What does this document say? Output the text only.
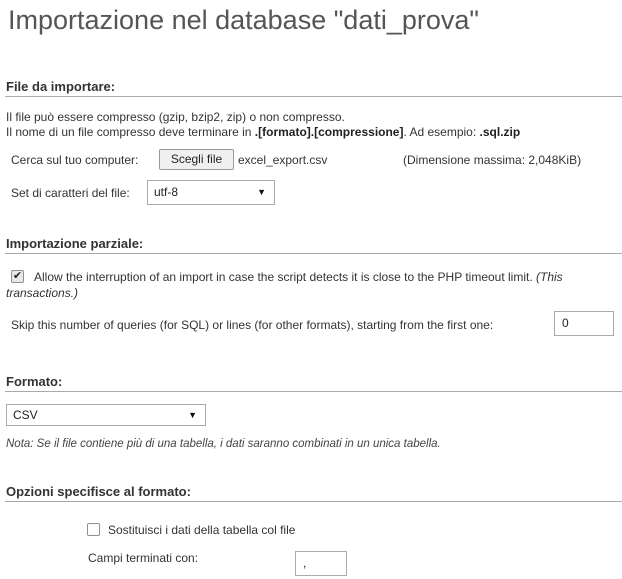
Importazione nel database "dati_prova"
File da importare:
Il file può essere compresso (gzip, bzip2, zip) o non compresso.
Il nome di un file compresso deve terminare in .[formato].[compressione]. Ad esempio: .sql.zip
Cerca sul tuo computer:	Scegli file	excel_export.csv	(Dimensione massima: 2,048KiB)
Set di caratteri del file:	utf-8	▼
Importazione parziale:
✔ Allow the interruption of an import in case the script detects it is close to the PHP timeout limit. (This
transactions.)
Skip this number of queries (for SQL) or lines (for other formats), starting from the first one:	0
Formato:
CSV	▼
Nota: Se il file contiene più di una tabella, i dati saranno combinati in un unica tabella.
Opzioni specifisce al formato:
Sostituisci i dati della tabella col file
Campi terminati con:	,
